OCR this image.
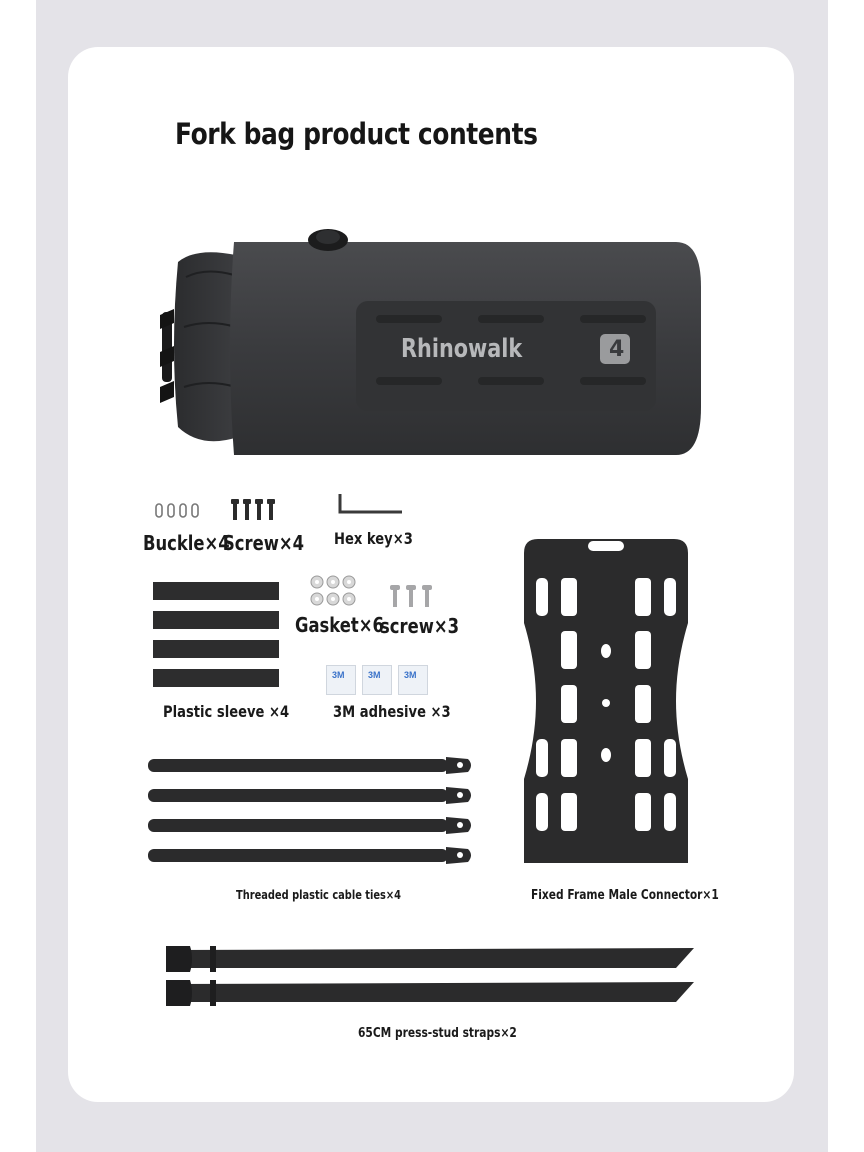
Fork bag product contents
Rhinowalk	4
Buckle×4
Screw×4 Hex key×3
Plastic sleeve ×4
Gasket×6
screw×3
3M	3M	3M
3M adhesive ×3
Threaded plastic cable ties×4	Fixed Frame Male Connector×1
65CM press-stud straps×2
